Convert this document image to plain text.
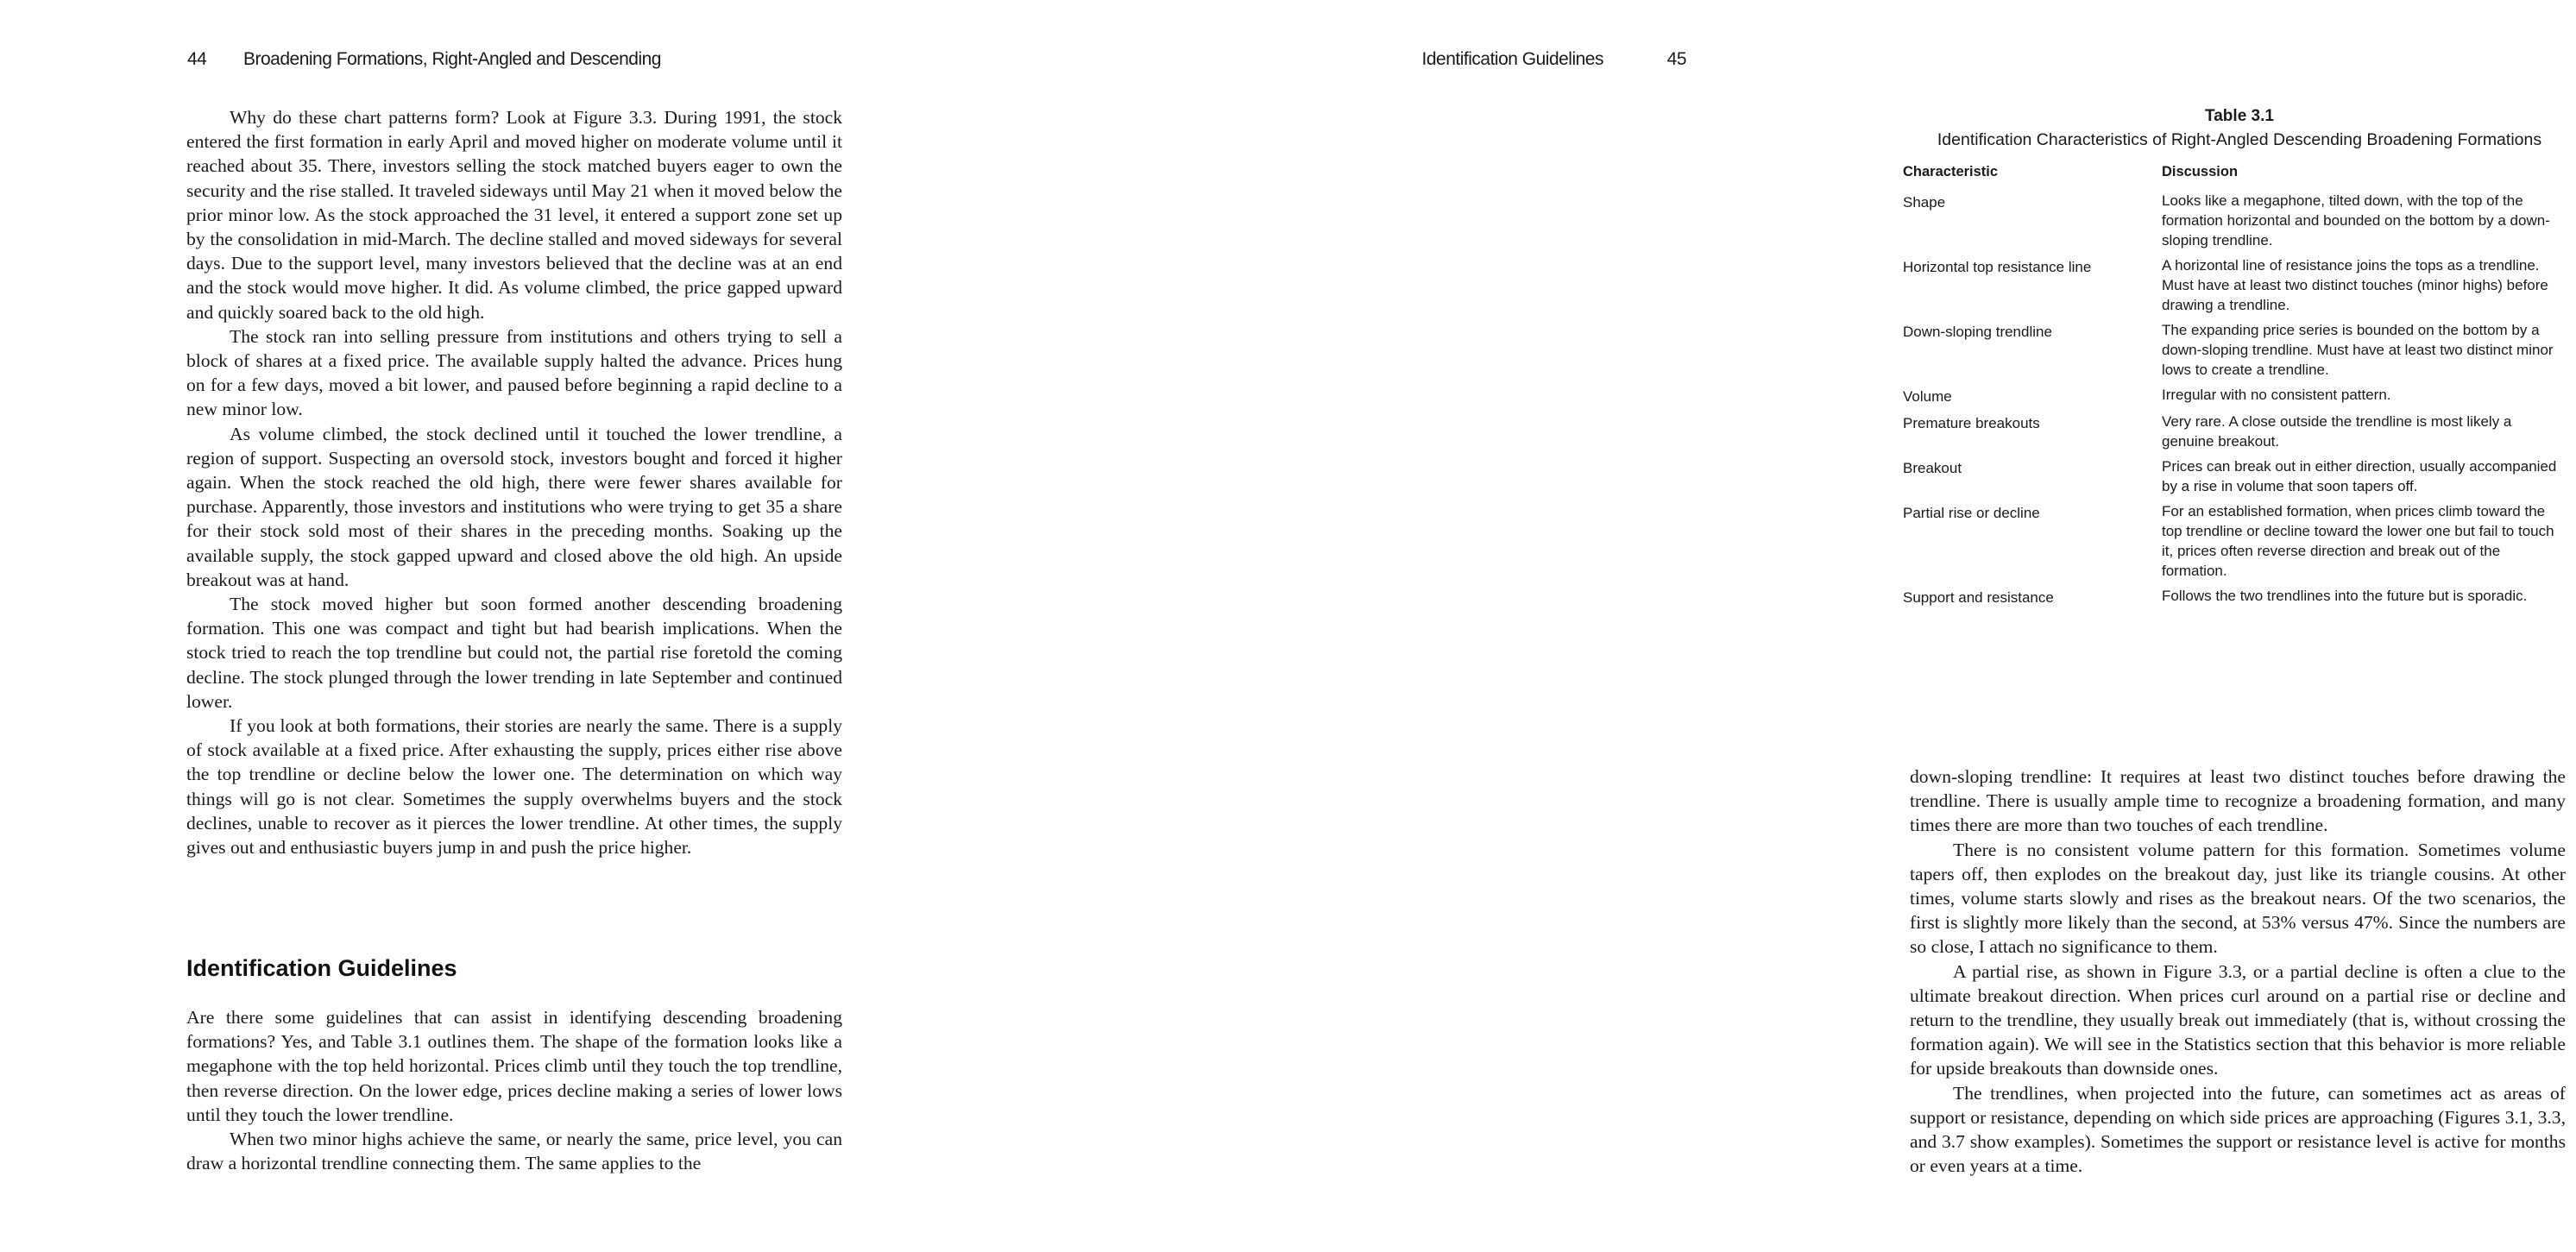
44 Broadening Formations, Right-Angled and Descending

Why do these chart patterns form? Look at Figure 3.3. During 1991, the stock entered the first formation in early April and moved higher on moderate volume until it reached about 35. There, investors selling the stock matched buyers eager to own the security and the rise stalled. It traveled sideways until May 21 when it moved below the prior minor low. As the stock approached the 31 level, it entered a support zone set up by the consolidation in mid-March. The decline stalled and moved sideways for several days. Due to the support level, many investors believed that the decline was at an end and the stock would move higher. It did. As volume climbed, the price gapped upward and quickly soared back to the old high.

The stock ran into selling pressure from institutions and others trying to sell a block of shares at a fixed price. The available supply halted the advance. Prices hung on for a few days, moved a bit lower, and paused before beginning a rapid decline to a new minor low.

As volume climbed, the stock declined until it touched the lower trendline, a region of support. Suspecting an oversold stock, investors bought and forced it higher again. When the stock reached the old high, there were fewer shares available for purchase. Apparently, those investors and institutions who were trying to get 35 a share for their stock sold most of their shares in the preceding months. Soaking up the available supply, the stock gapped upward and closed above the old high. An upside breakout was at hand.

The stock moved higher but soon formed another descending broadening formation. This one was compact and tight but had bearish implications. When the stock tried to reach the top trendline but could not, the partial rise foretold the coming decline. The stock plunged through the lower trending in late September and continued lower.

If you look at both formations, their stories are nearly the same. There is a supply of stock available at a fixed price. After exhausting the supply, prices either rise above the top trendline or decline below the lower one. The determination on which way things will go is not clear. Sometimes the supply overwhelms buyers and the stock declines, unable to recover as it pierces the lower trendline. At other times, the supply gives out and enthusiastic buyers jump in and push the price higher.

Identification Guidelines

Are there some guidelines that can assist in identifying descending broadening formations? Yes, and Table 3.1 outlines them. The shape of the formation looks like a megaphone with the top held horizontal. Prices climb until they touch the top trendline, then reverse direction. On the lower edge, prices decline making a series of lower lows until they touch the lower trendline.

When two minor highs achieve the same, or nearly the same, price level, you can draw a horizontal trendline connecting them. The same applies to the

Identification Guidelines	45

Table 3.1

Identification Characteristics of Right-Angled Descending Broadening Formations

Characteristic	Discussion
Shape	Looks like a megaphone, tilted down, with the top of the formation horizontal and bounded on the bottom by a down-sloping trendline.
Horizontal top resistance line	A horizontal line of resistance joins the tops as a trendline. Must have at least two distinct touches (minor highs) before drawing a trendline.
Down-sloping trendline	The expanding price series is bounded on the bottom by a down-sloping trendline. Must have at least two distinct minor lows to create a trendline.
Volume	Irregular with no consistent pattern.
Premature breakouts	Very rare. A close outside the trendline is most likely a genuine breakout.
Breakout	Prices can break out in either direction, usually accompanied by a rise in volume that soon tapers off.
Partial rise or decline	For an established formation, when prices climb toward the top trendline or decline toward the lower one but fail to touch it, prices often reverse direction and break out of the formation.
Support and resistance	Follows the two trendlines into the future but is sporadic.

down-sloping trendline: It requires at least two distinct touches before drawing the trendline. There is usually ample time to recognize a broadening formation, and many times there are more than two touches of each trendline.

There is no consistent volume pattern for this formation. Sometimes volume tapers off, then explodes on the breakout day, just like its triangle cousins. At other times, volume starts slowly and rises as the breakout nears. Of the two scenarios, the first is slightly more likely than the second, at 53% versus 47%. Since the numbers are so close, I attach no significance to them.

A partial rise, as shown in Figure 3.3, or a partial decline is often a clue to the ultimate breakout direction. When prices curl around on a partial rise or decline and return to the trendline, they usually break out immediately (that is, without crossing the formation again). We will see in the Statistics section that this behavior is more reliable for upside breakouts than downside ones.

The trendlines, when projected into the future, can sometimes act as areas of support or resistance, depending on which side prices are approaching (Figures 3.1, 3.3, and 3.7 show examples). Sometimes the support or resistance level is active for months or even years at a time.
